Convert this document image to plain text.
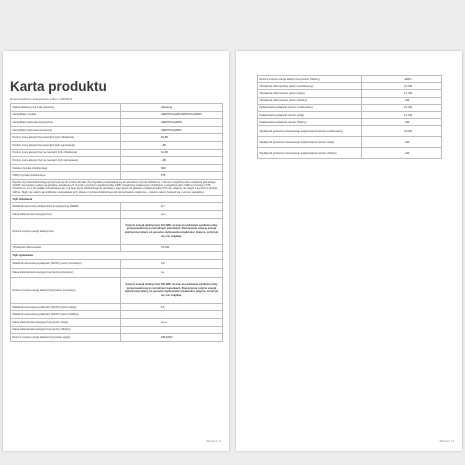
Karta produktu
Rozporządzenie delegowane (UE) nr 626/2011
Nazwa dostawcy lub znak towarowy	Samsung
Identyfikator modelu	AR09TXCAAWK/AR09TXCAAWKX
Identyfikator jednostki wewnętrznej	AR09TXCAAWKN
Identyfikator jednostki zewnętrznej	AR09TXCAAWKX
Poziom mocy akustycznej wewnątrz (tryb chłodzenia)	54 dB
Poziom mocy akustycznej wewnątrz (tryb ogrzewania)	- dB
Poziom mocy akustycznej na zewnątrz (tryb chłodzenia)	61 dB
Poziom mocy akustycznej na zewnątrz (tryb ogrzewania)	- dB
Nazwa czynnika chłodniczego	R32
GWP czynnika chłodniczego	675
Wyciek czynnika chłodniczego przyczynia się do zmiany klimatu. W przypadku przedostania się do atmosfery czynnik chłodniczy o niższym współczynniku ocieplenia globalnego (GWP) ma mniejszy wpływ na globalne ocieplenie niż czynnik o wyższym współczynniku GWP. Urządzenie zawiera płyn chłodniczy o współczynniku GWP wynoszącym 675. Oznacza to, że w przypadku przedostania się 1 kg tego płynu chłodniczego do atmosfery, jego wpływ na globalne ocieplenie byłby 675 razy większy niż wpływ 1 kg CO2 w okresie 100 lat. Nigdy nie należy samodzielnie manipulować przy obiegu czynnika chłodniczego lub demontować urządzenia – zawsze należy zwracać się o pomoc specjalisty.	
Tryb chłodzenia	
Wskaźnik sezonowej efektywności energetycznej (SEER)	6,7
Klasa efektywności energetycznej	A++
Roczne zużycie energii elektrycznej	Zużycie energii elektrycznej 131 kWh rocznie na podstawie wyników próby przeprowadzonej w normalnych warunkach. Rzeczywiste zużycie energii elektrycznej zależy od sposobu użytkowania urządzenia i miejsca, w którym się ono znajduje.
Obciążenie obliczeniowe	2,5 kW
Tryb ogrzewania	
Wskaźnik sezonowej wydajności (SCOP) (sezon przeciętny)	4,0
Klasa efektywności energetycznej (sezon przeciętny)	A+
Roczne zużycie energii elektrycznej (sezon przeciętny)	Zużycie energii elektrycznej 735 kWh rocznie na podstawie wyników próby przeprowadzonej w normalnych warunkach. Rzeczywiste zużycie energii elektrycznej zależy od sposobu użytkowania urządzenia i miejsca, w którym się ono znajduje.
Wskaźnik sezonowej wydajności (SCOP) (sezon ciepły)	5,1
Wskaźnik sezonowej wydajności (SCOP) (sezon chłodny)	-
Klasa efektywności energetycznej (sezon ciepły)	A+++
Klasa efektywności energetycznej (sezon chłodny)	-
Roczne zużycie energii elektrycznej (sezon ciepły)	335 kWh/r
Strona 1 / 2
Roczne zużycie energii elektrycznej (sezon chłodny)	-kWh/r
Obciążenie obliczeniowe (sezon umiarkowany)	2,1 kW
Obciążenie obliczeniowe (sezon ciepły)	1,1 kW
Obciążenie obliczeniowe (sezon chłodny)	- kW
Deklarowana wydajność (sezon umiarkowany)	2,1 kW
Deklarowana wydajność (sezon ciepły)	1,1 kW
Deklarowana wydajność (sezon chłodny)	- kW
Wydajność grzewcza rezerwowego podgrzewacza (sezon umiarkowany)	0,0 kW
Wydajność grzewcza rezerwowego podgrzewacza (sezon ciepły)	- kW
Wydajność grzewcza rezerwowego podgrzewacza (sezon chłodny)	- kW
Strona 2 / 2
